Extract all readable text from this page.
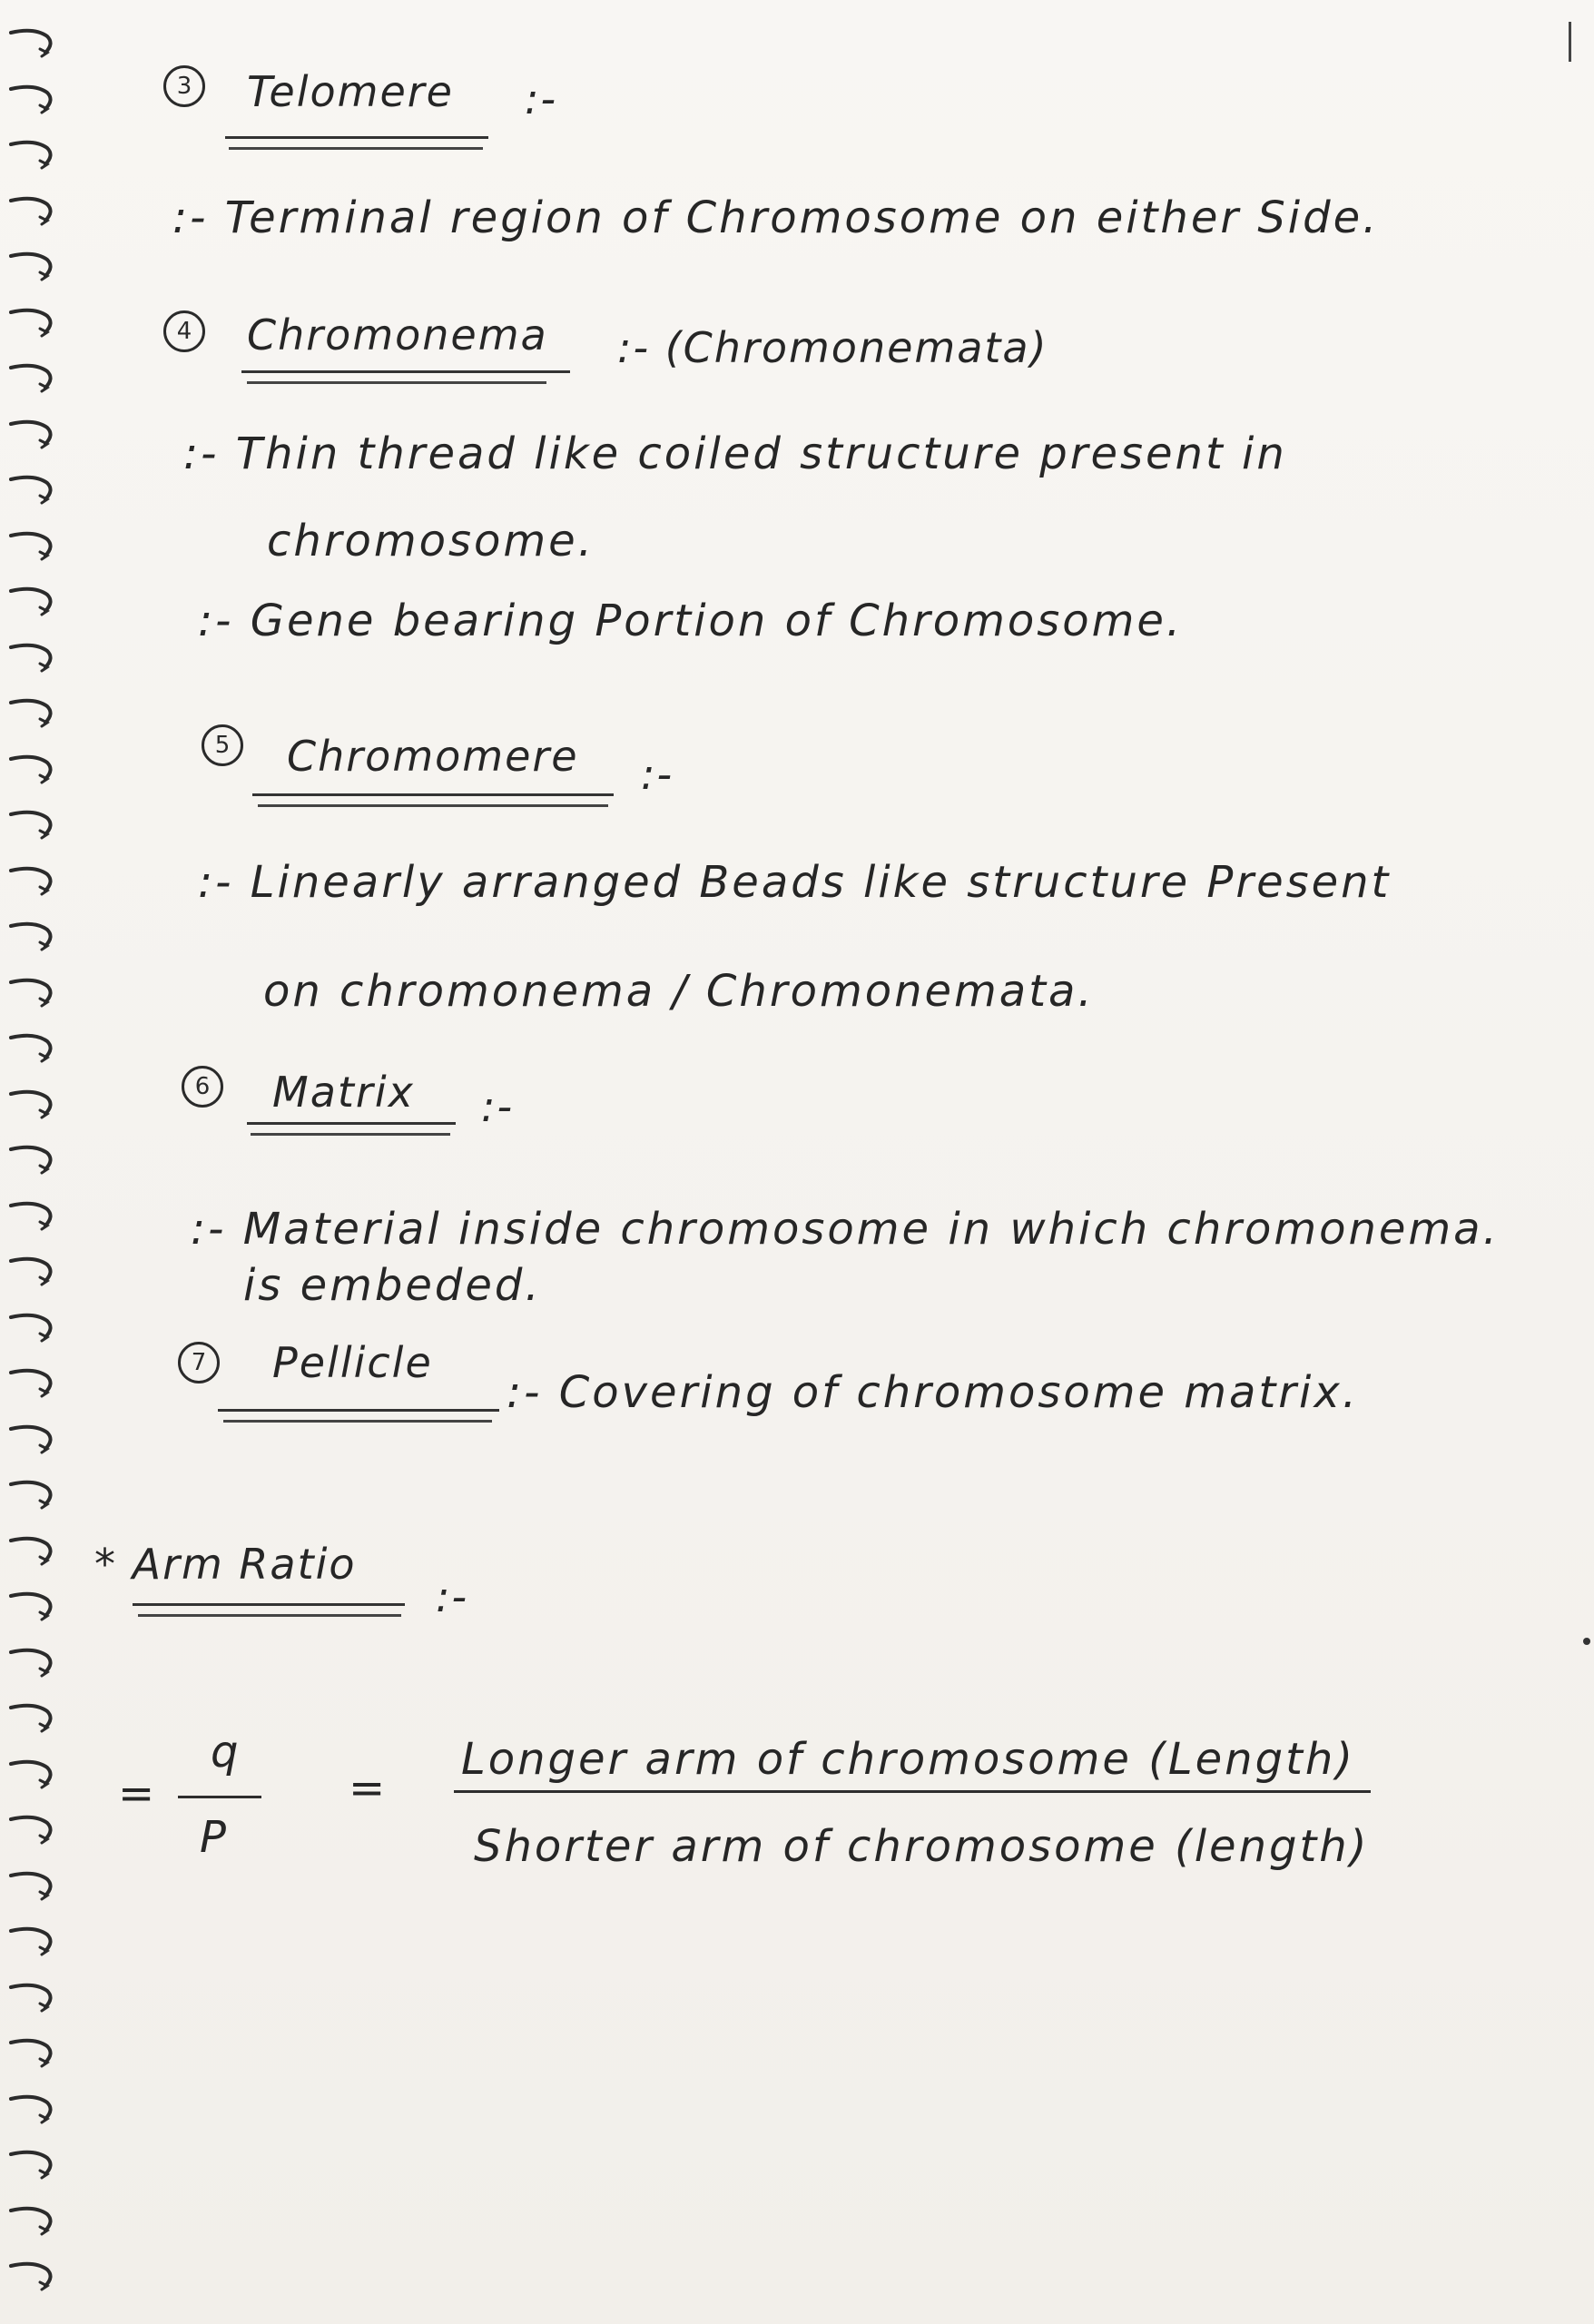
3	Telomere :-
:- Terminal region of Chromosome on either Side.
4	Chromonema :- (Chromonemata)
:- Thin thread like coiled structure present in
chromosome.
:- Gene bearing Portion of Chromosome.
5	Chromomere :-
:- Linearly arranged Beads like structure Present
on chromonema / Chromonemata.
6	Matrix :-
:- Material inside chromosome in which chromonema.
is embeded.
7	Pellicle
:- Covering of chromosome matrix.
* Arm Ratio
:-
=
q
P
=
Longer arm of chromosome (Length)
Shorter arm of chromosome (length)
